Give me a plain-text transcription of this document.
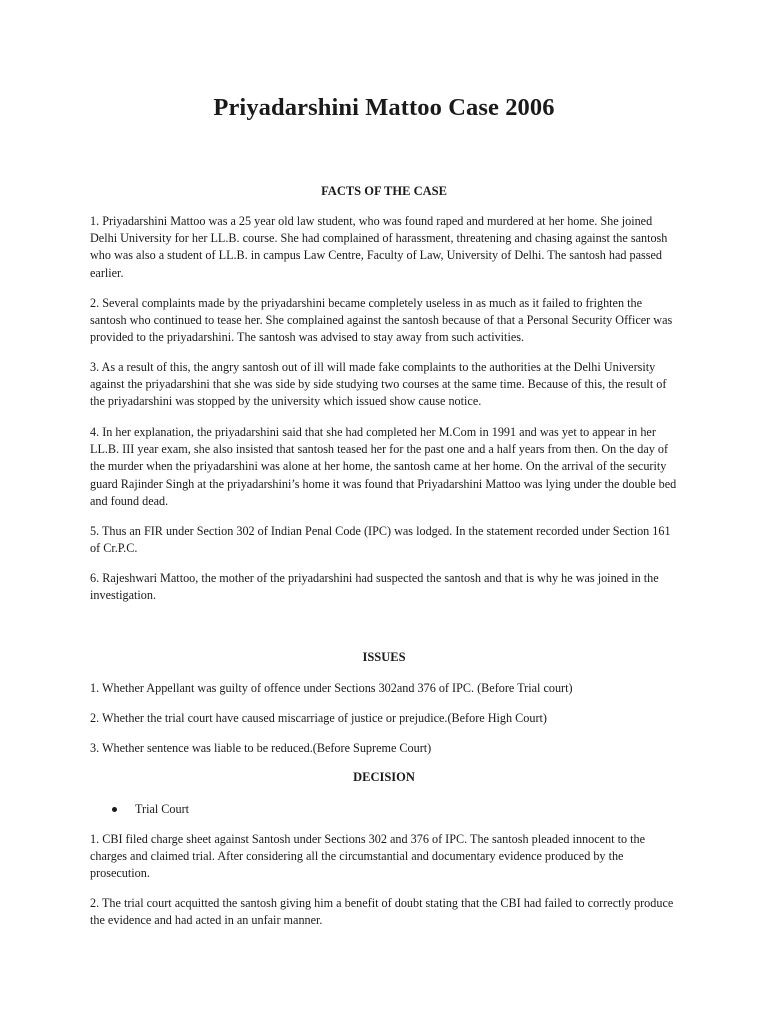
Priyadarshini Mattoo Case 2006
FACTS OF THE CASE

1. Priyadarshini Mattoo was a 25 year old law student, who was found raped and murdered at her home. She joined Delhi University for her LL.B. course. She had complained of harassment, threatening and chasing against the santosh who was also a student of LL.B. in campus Law Centre, Faculty of Law, University of Delhi. The santosh had passed earlier.

2. Several complaints made by the priyadarshini became completely useless in as much as it failed to frighten the santosh who continued to tease her. She complained against the santosh because of that a Personal Security Officer was provided to the priyadarshini. The santosh was advised to stay away from such activities.

3. As a result of this, the angry santosh out of ill will made fake complaints to the authorities at the Delhi University against the priyadarshini that she was side by side studying two courses at the same time. Because of this, the result of the priyadarshini was stopped by the university which issued show cause notice.

4. In her explanation, the priyadarshini said that she had completed her M.Com in 1991 and was yet to appear in her LL.B. III year exam, she also insisted that santosh teased her for the past one and a half years from then. On the day of the murder when the priyadarshini was alone at her home, the santosh came at her home. On the arrival of the security guard Rajinder Singh at the priyadarshini’s home it was found that Priyadarshini Mattoo was lying under the double bed and found dead.

5. Thus an FIR under Section 302 of Indian Penal Code (IPC) was lodged. In the statement recorded under Section 161 of Cr.P.C.

6. Rajeshwari Mattoo, the mother of the priyadarshini had suspected the santosh and that is why he was joined in the investigation.

ISSUES

1. Whether Appellant was guilty of offence under Sections 302and 376 of IPC. (Before Trial court)

2. Whether the trial court have caused miscarriage of justice or prejudice.(Before High Court)

3. Whether sentence was liable to be reduced.(Before Supreme Court)

DECISION
Trial Court

1. CBI filed charge sheet against Santosh under Sections 302 and 376 of IPC. The santosh pleaded innocent to the charges and claimed trial. After considering all the circumstantial and documentary evidence produced by the prosecution.

2. The trial court acquitted the santosh giving him a benefit of doubt stating that the CBI had failed to correctly produce the evidence and had acted in an unfair manner.
